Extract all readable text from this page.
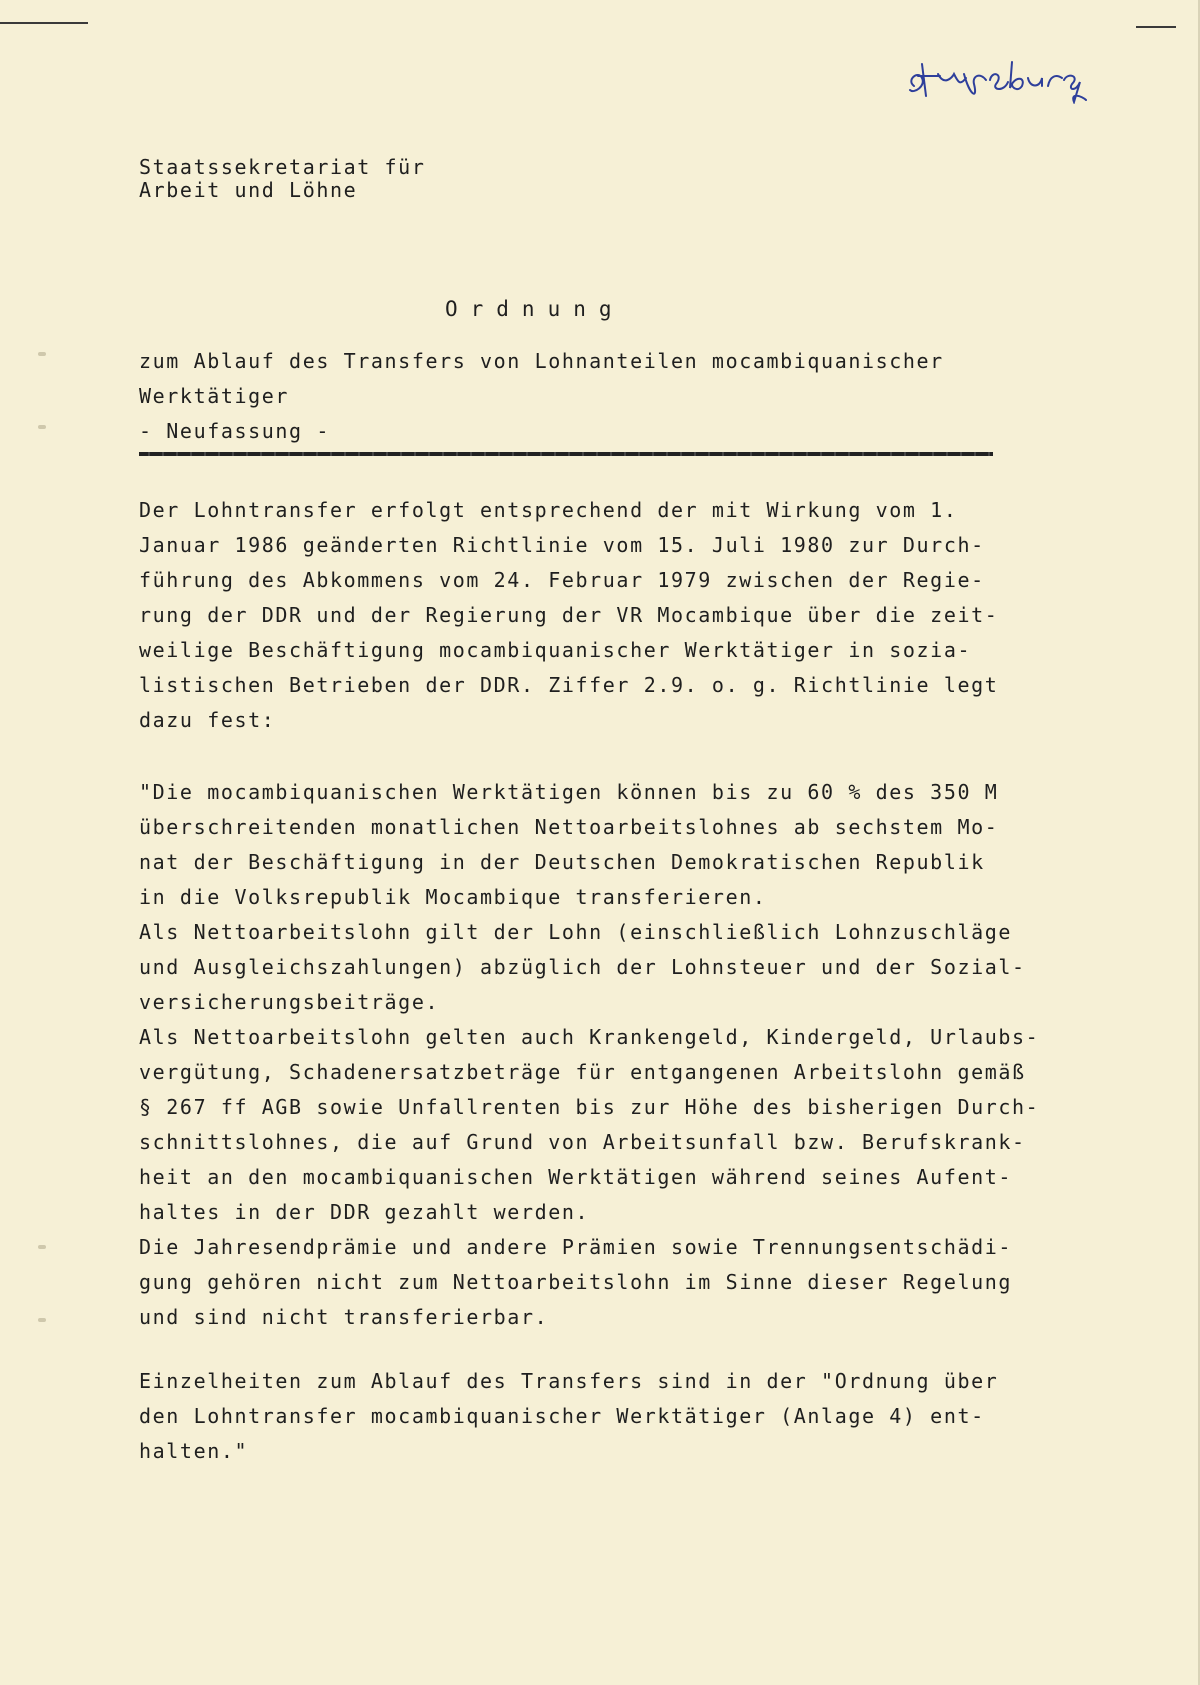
Staatssekretariat für
Arbeit und Löhne

Ordnung

zum Ablauf des Transfers von Lohnanteilen mocambiquanischer
Werktätiger
- Neufassung -

Der Lohntransfer erfolgt entsprechend der mit Wirkung vom 1.
Januar 1986 geänderten Richtlinie vom 15. Juli 1980 zur Durch-
führung des Abkommens vom 24. Februar 1979 zwischen der Regie-
rung der DDR und der Regierung der VR Mocambique über die zeit-
weilige Beschäftigung mocambiquanischer Werktätiger in sozia-
listischen Betrieben der DDR. Ziffer 2.9. o. g. Richtlinie legt
dazu fest:

"Die mocambiquanischen Werktätigen können bis zu 60 % des 350 M
überschreitenden monatlichen Nettoarbeitslohnes ab sechstem Mo-
nat der Beschäftigung in der Deutschen Demokratischen Republik
in die Volksrepublik Mocambique transferieren.
Als Nettoarbeitslohn gilt der Lohn (einschließlich Lohnzuschläge
und Ausgleichszahlungen) abzüglich der Lohnsteuer und der Sozial-
versicherungsbeiträge.
Als Nettoarbeitslohn gelten auch Krankengeld, Kindergeld, Urlaubs-
vergütung, Schadenersatzbeträge für entgangenen Arbeitslohn gemäß
§ 267 ff AGB sowie Unfallrenten bis zur Höhe des bisherigen Durch-
schnittslohnes, die auf Grund von Arbeitsunfall bzw. Berufskrank-
heit an den mocambiquanischen Werktätigen während seines Aufent-
haltes in der DDR gezahlt werden.
Die Jahresendprämie und andere Prämien sowie Trennungsentschädi-
gung gehören nicht zum Nettoarbeitslohn im Sinne dieser Regelung
und sind nicht transferierbar.

Einzelheiten zum Ablauf des Transfers sind in der "Ordnung über
den Lohntransfer mocambiquanischer Werktätiger (Anlage 4) ent-
halten."
